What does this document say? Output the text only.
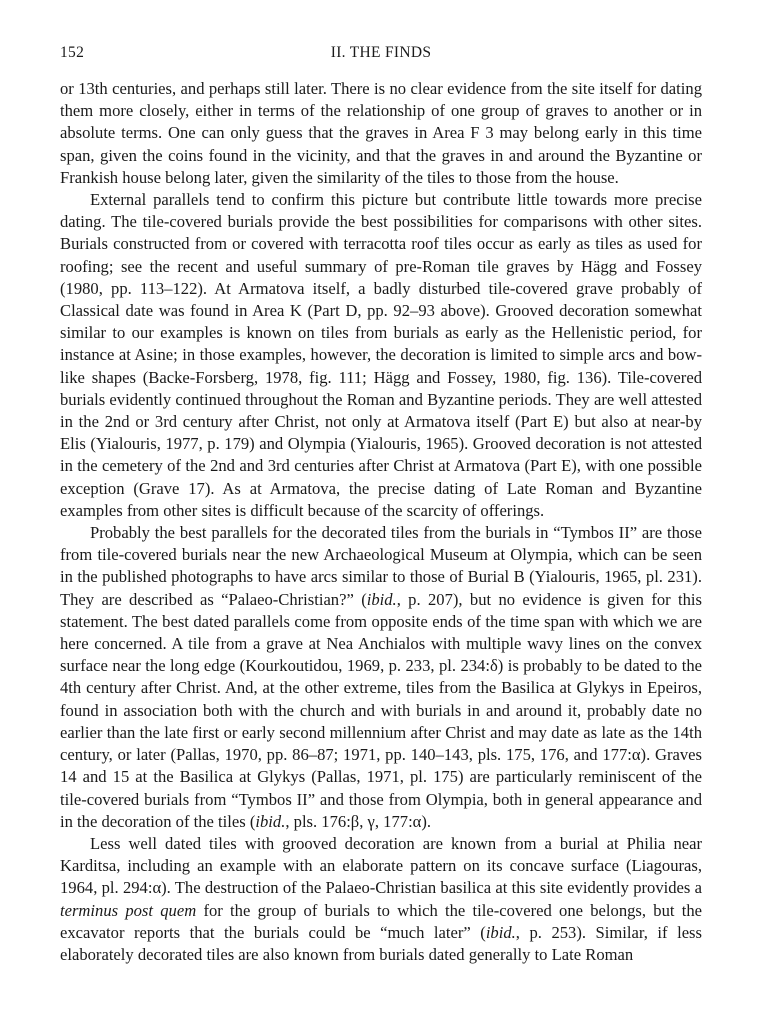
152	II. THE FINDS

or 13th centuries, and perhaps still later. There is no clear evidence from the site itself for dating them more closely, either in terms of the relationship of one group of graves to another or in absolute terms. One can only guess that the graves in Area F 3 may belong early in this time span, given the coins found in the vicinity, and that the graves in and around the Byzantine or Frankish house belong later, given the similarity of the tiles to those from the house.

External parallels tend to confirm this picture but contribute little towards more precise dating. The tile-covered burials provide the best possibilities for comparisons with other sites. Burials constructed from or covered with terracotta roof tiles occur as early as tiles as used for roofing; see the recent and useful summary of pre-Roman tile graves by Hägg and Fossey (1980, pp. 113–122). At Armatova itself, a badly disturbed tile-covered grave probably of Classical date was found in Area K (Part D, pp. 92–93 above). Grooved decoration somewhat similar to our examples is known on tiles from burials as early as the Hellenistic period, for instance at Asine; in those examples, however, the decoration is limited to simple arcs and bow-like shapes (Backe-Forsberg, 1978, fig. 111; Hägg and Fossey, 1980, fig. 136). Tile-covered burials evidently continued throughout the Roman and Byzantine periods. They are well attested in the 2nd or 3rd century after Christ, not only at Armatova itself (Part E) but also at near-by Elis (Yialouris, 1977, p. 179) and Olympia (Yialouris, 1965). Grooved decoration is not attested in the cemetery of the 2nd and 3rd centuries after Christ at Armatova (Part E), with one possible exception (Grave 17). As at Armatova, the precise dating of Late Roman and Byzantine examples from other sites is difficult because of the scarcity of offerings.

Probably the best parallels for the decorated tiles from the burials in “Tymbos II” are those from tile-covered burials near the new Archaeological Museum at Olympia, which can be seen in the published photographs to have arcs similar to those of Burial B (Yialouris, 1965, pl. 231). They are described as “Palaeo-Christian?” (ibid., p. 207), but no evidence is given for this statement. The best dated parallels come from opposite ends of the time span with which we are here concerned. A tile from a grave at Nea Anchialos with multiple wavy lines on the convex surface near the long edge (Kourkoutidou, 1969, p. 233, pl. 234:δ) is probably to be dated to the 4th century after Christ. And, at the other extreme, tiles from the Basilica at Glykys in Epeiros, found in association both with the church and with burials in and around it, probably date no earlier than the late first or early second millennium after Christ and may date as late as the 14th century, or later (Pallas, 1970, pp. 86–87; 1971, pp. 140–143, pls. 175, 176, and 177:α). Graves 14 and 15 at the Basilica at Glykys (Pallas, 1971, pl. 175) are particularly reminiscent of the tile-covered burials from “Tymbos II” and those from Olympia, both in general appearance and in the decoration of the tiles (ibid., pls. 176:β, γ, 177:α).

Less well dated tiles with grooved decoration are known from a burial at Philia near Karditsa, including an example with an elaborate pattern on its concave surface (Liagouras, 1964, pl. 294:α). The destruction of the Palaeo-Christian basilica at this site evidently provides a terminus post quem for the group of burials to which the tile-covered one belongs, but the excavator reports that the burials could be “much later” (ibid., p. 253). Similar, if less elaborately decorated tiles are also known from burials dated generally to Late Roman
